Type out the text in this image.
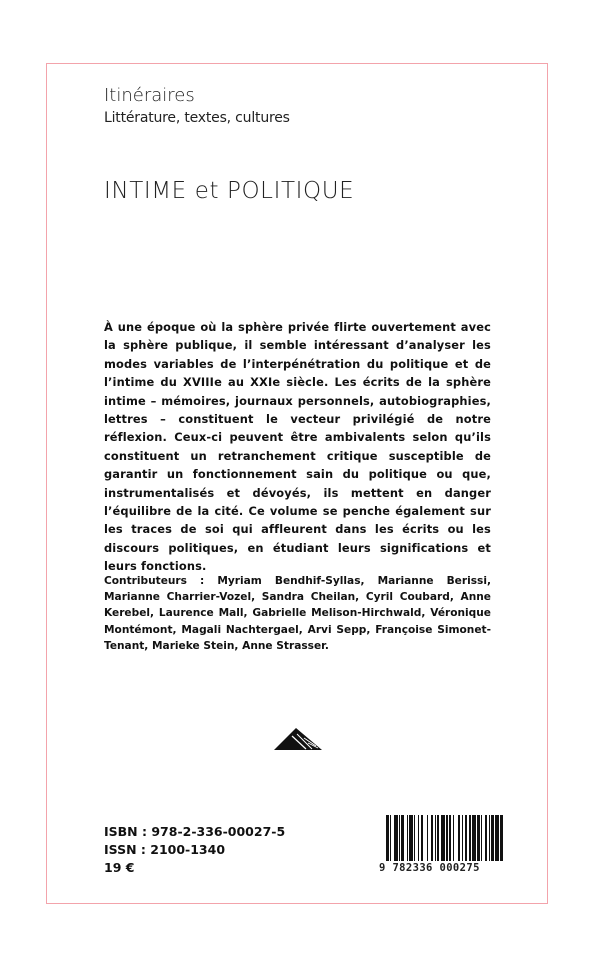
Itinéraires
Littérature, textes, cultures
INTIME et POLITIQUE
À une époque où la sphère privée flirte ouvertement avec la sphère publique, il semble intéressant d’analyser les modes variables de l’interpénétration du politique et de l’intime du XVIIIe au XXIe siècle. Les écrits de la sphère intime – mémoires, journaux personnels, autobiographies, lettres – constituent le vecteur privilégié de notre réflexion. Ceux-ci peuvent être ambivalents selon qu’ils constituent un retranchement critique susceptible de garantir un fonctionnement sain du politique ou que, instrumentalisés et dévoyés, ils mettent en danger l’équilibre de la cité. Ce volume se penche également sur les traces de soi qui affleurent dans les écrits ou les discours politiques, en étudiant leurs significations et leurs fonctions.
Contributeurs : Myriam Bendhif-Syllas, Marianne Berissi, Marianne Charrier-Vozel, Sandra Cheilan, Cyril Coubard, Anne Kerebel, Laurence Mall, Gabrielle Melison-Hirchwald, Véronique Montémont, Magali Nachtergael, Arvi Sepp, Françoise Simonet-Tenant, Marieke Stein, Anne Strasser.
ISBN : 978-2-336-00027-5
ISSN : 2100-1340
19 €	9 782336 000275
